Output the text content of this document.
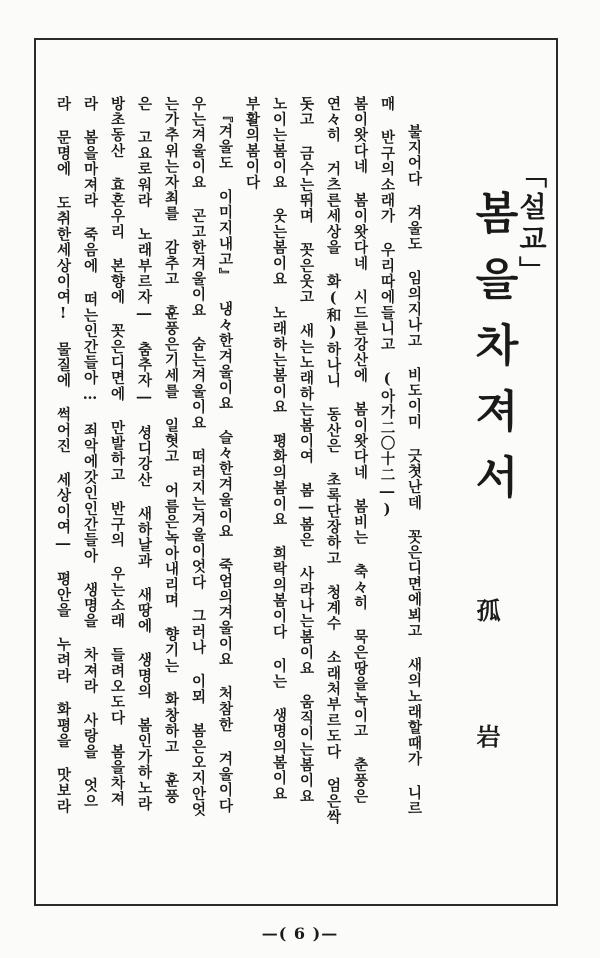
「설교」
봄을차져서
孤
岩
불지어다 겨울도 임의지나고 비도이미 긋쳣난데 꼿은디면에뵈고 새의노래할때가 니르
매 반구의소래가 우리따에들니고 (아가二〇十二―)
봄이왓다네 봄이왓다네 시드른강산에 봄이왓다네 봄비는 축々히 묵은땅을녹이고 춘풍은
연々히 거츠른세상을 화(和)하나니 동산은 초록단장하고 청계수 소래처부르도다 엄은싹
돗고 금수는뛰며 꼿은웃고 새는노래하는봄이여 봄―봄은 사라나는봄이요 움직이는봄이요
노이는봄이요 웃는봄이요 노래하는봄이요 평화의봄이요 희락의봄이다 이는 생명의봄이요
부활의봄이다
『겨울도 이미지내고』 냉々한겨울이요 슬々한겨울이요 죽엄의겨울이요 처참한 겨울이다
우는겨울이요 곤고한겨울이요 숨는겨울이요 떠러지는겨울이엇다 그러나 이뫼 봄은오지안엇
는가추위는자최를 감추고 훈풍은기세를 일혓고 어름은녹아내리며 향기는 화창하고 훈풍
은 고요로워라 노래부르자― 춤추자― 셩디강산 새하날과 새땅에 생명의 봄인가하노라
방초동산 효혼우리 본향에 꼿은디면에 만발하고 반구의 우는소래 들려오도다 봄을차져
라 봄을마져라 죽음에 떠는인간들아… 죄악에갓인인간들아 생명을 차져라 사랑을 엇으
라 문명에 도취한세상이여! 물질에 썩어진 세상이여― 평안을 누려라 화평을 맛보라
—( 6 )—
